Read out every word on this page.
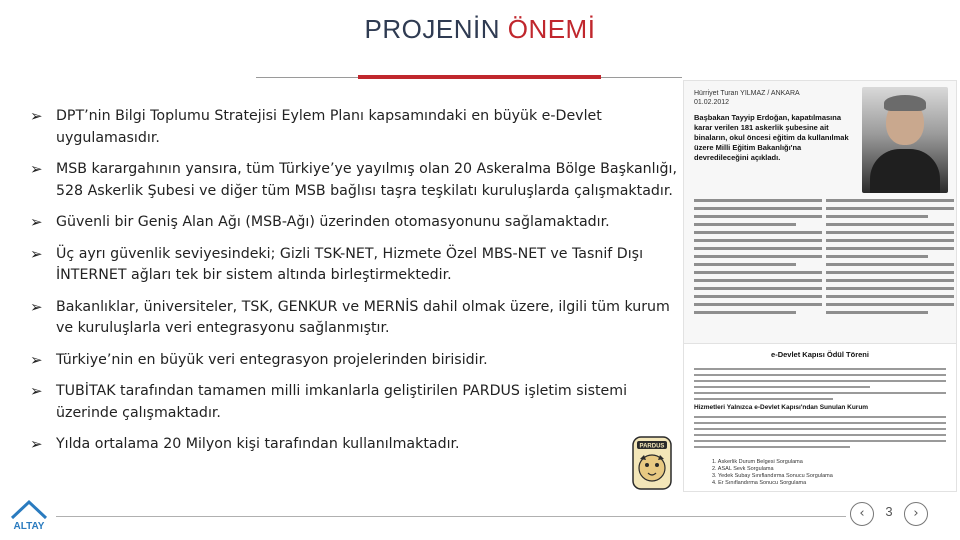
PROJENİN ÖNEMİ
➢ DPT’nin Bilgi Toplumu Stratejisi Eylem Planı kapsamındaki en büyük e-Devlet uygulamasıdır.
➢ MSB karargahının yansıra, tüm Türkiye’ye yayılmış olan 20 Askeralma Bölge Başkanlığı, 528 Askerlik Şubesi ve diğer tüm MSB bağlısı taşra teşkilatı kuruluşlarda çalışmaktadır.
➢ Güvenli bir Geniş Alan Ağı (MSB-Ağı) üzerinden otomasyonunu sağlamaktadır.
➢ Üç ayrı güvenlik seviyesindeki; Gizli TSK-NET, Hizmete Özel MBS-NET ve Tasnif Dışı İNTERNET ağları tek bir sistem altında birleştirmektedir.
➢ Bakanlıklar, üniversiteler, TSK, GENKUR ve MERNİS dahil olmak üzere, ilgili tüm kurum ve kuruluşlarla veri entegrasyonu sağlanmıştır.
➢ Türkiye’nin en büyük veri entegrasyon projelerinden birisidir.
➢ TUBİTAK tarafından tamamen milli imkanlarla geliştirilen PARDUS işletim sistemi üzerinde çalışmaktadır.
➢ Yılda ortalama 20 Milyon kişi tarafından kullanılmaktadır.
Hürriyet Turan YILMAZ / ANKARA
01.02.2012
Başbakan Tayyip Erdoğan, kapatılmasına karar verilen 181 askerlik şubesine ait binaların, okul öncesi eğitim da kullanılmak üzere Milli Eğitim Bakanlığı'na devredileceğini açıkladı.
e-Devlet Kapısı Ödül Töreni
Hizmetleri Yalnızca e-Devlet Kapısı'ndan Sunulan Kurum
1. Askerlik Durum Belgesi Sorgulama
2. ASAL Sevk Sorgulama
3. Yedek Subay Sınıflandırma Sonucu Sorgulama
4. Er Sınıflandırma Sonucu Sorgulama
PARDUS
ALTAY
‹	3	›
